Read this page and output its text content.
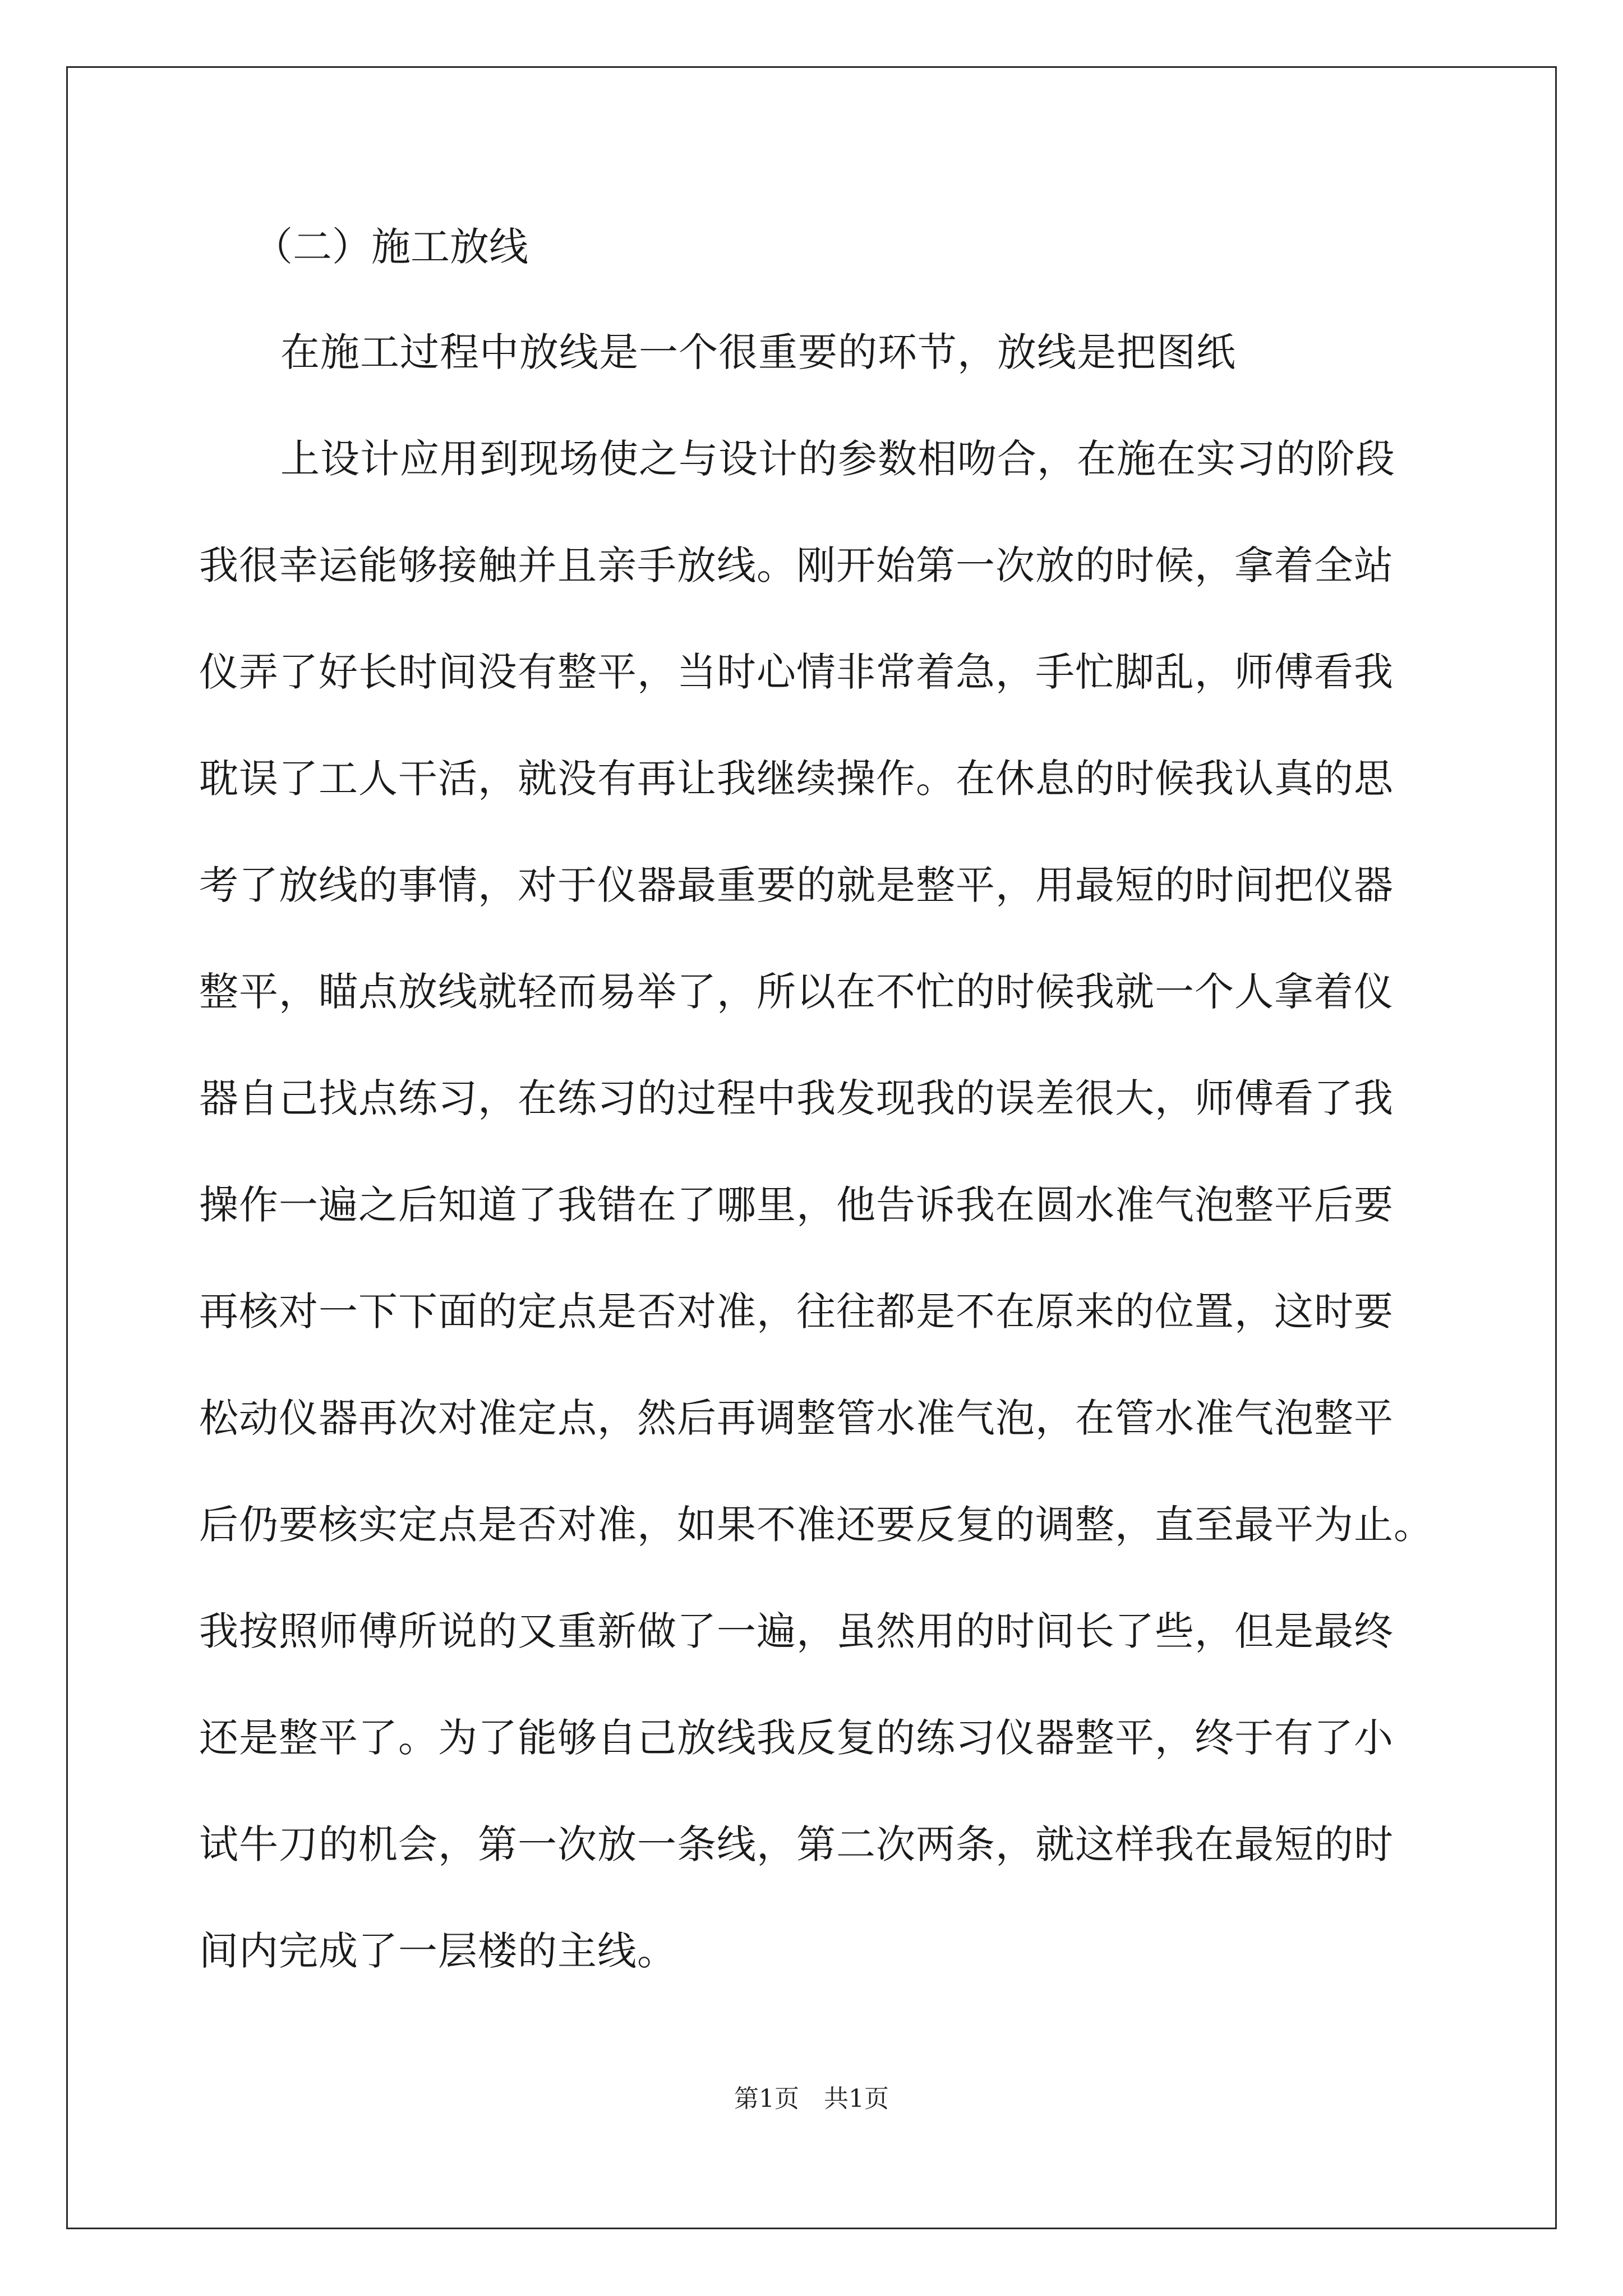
（二）施工放线
在施工过程中放线是一个很重要的环节，放线是把图纸
上设计应用到现场使之与设计的参数相吻合，在施在实习的阶段
我很幸运能够接触并且亲手放线。刚开始第一次放的时候，拿着全站
仪弄了好长时间没有整平，当时心情非常着急，手忙脚乱，师傅看我
耽误了工人干活，就没有再让我继续操作。在休息的时候我认真的思
考了放线的事情，对于仪器最重要的就是整平，用最短的时间把仪器
整平，瞄点放线就轻而易举了，所以在不忙的时候我就一个人拿着仪
器自己找点练习，在练习的过程中我发现我的误差很大，师傅看了我
操作一遍之后知道了我错在了哪里，他告诉我在圆水准气泡整平后要
再核对一下下面的定点是否对准，往往都是不在原来的位置，这时要
松动仪器再次对准定点，然后再调整管水准气泡，在管水准气泡整平
后仍要核实定点是否对准，如果不准还要反复的调整，直至最平为止。
我按照师傅所说的又重新做了一遍，虽然用的时间长了些，但是最终
还是整平了。为了能够自己放线我反复的练习仪器整平，终于有了小
试牛刀的机会，第一次放一条线，第二次两条，就这样我在最短的时
间内完成了一层楼的主线。
第1页　共1页
